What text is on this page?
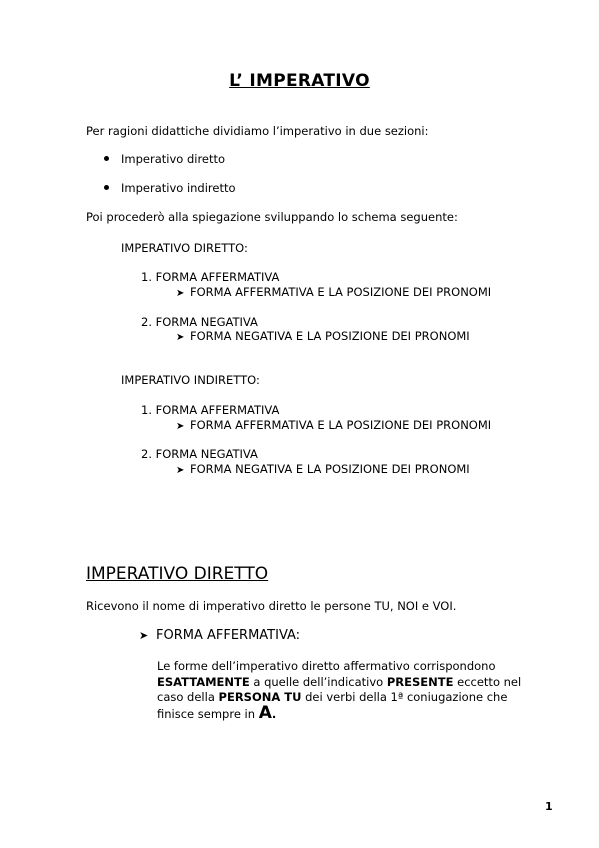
L’ IMPERATIVO
Per ragioni didattiche dividiamo l’imperativo in due sezioni:
Imperativo diretto
Imperativo indiretto
Poi procederò alla spiegazione sviluppando lo schema seguente:
IMPERATIVO DIRETTO:
1. FORMA AFFERMATIVA
➤ FORMA AFFERMATIVA E LA POSIZIONE DEI PRONOMI
2. FORMA NEGATIVA
➤ FORMA NEGATIVA E LA POSIZIONE DEI PRONOMI
IMPERATIVO INDIRETTO:
1. FORMA AFFERMATIVA
➤ FORMA AFFERMATIVA E LA POSIZIONE DEI PRONOMI
2. FORMA NEGATIVA
➤ FORMA NEGATIVA E LA POSIZIONE DEI PRONOMI
IMPERATIVO DIRETTO
Ricevono il nome di imperativo diretto le persone TU, NOI e VOI.
➤ FORMA AFFERMATIVA:
Le forme dell’imperativo diretto affermativo corrispondono ESATTAMENTE a quelle dell’indicativo PRESENTE eccetto nel caso della PERSONA TU dei verbi della 1ª coniugazione che finisce sempre in A.
1
